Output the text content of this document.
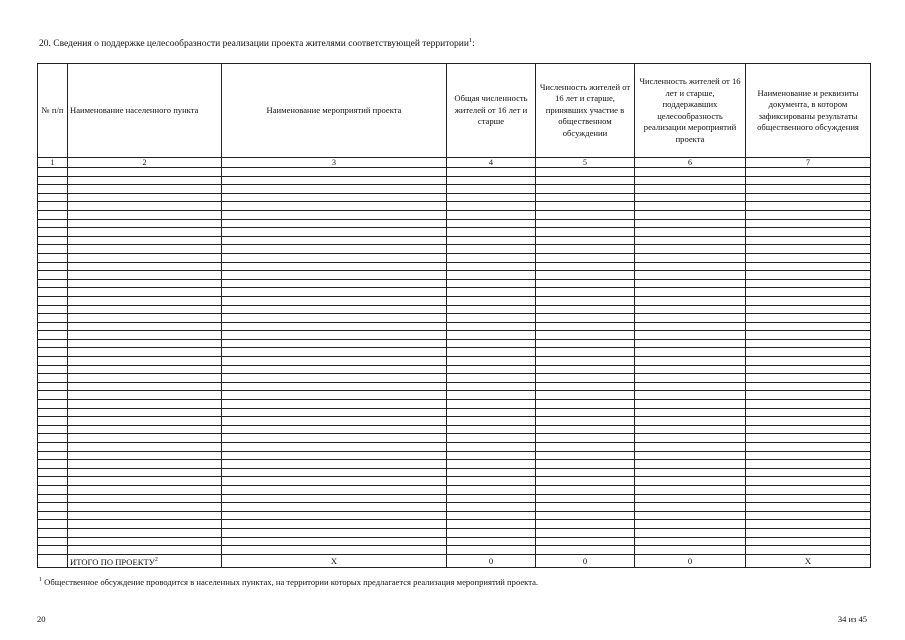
20. Сведения о поддержке целесообразности реализации проекта жителями соответствующей территории$^1$:
№ п/п	Наименование населенного пункта	Наименование мероприятий проекта	Общая численность жителей от 16 лет и старше	Численность жителей от 16 лет и старше, принявших участие в общественном обсуждении	Численность жителей от 16 лет и старше, поддержавших целесообразность реализации мероприятий проекта	Наименование и реквизиты документа, в котором зафиксированы результаты общественного обсуждения
1	2	3	4	5	6	7

	ИТОГО ПО ПРОЕКТУ$^2$	X	0	0	0	X
$^1$ Общественное обсуждение проводится в населенных пунктах, на территории которых предлагается реализация мероприятий проекта.
20	34 из 45
